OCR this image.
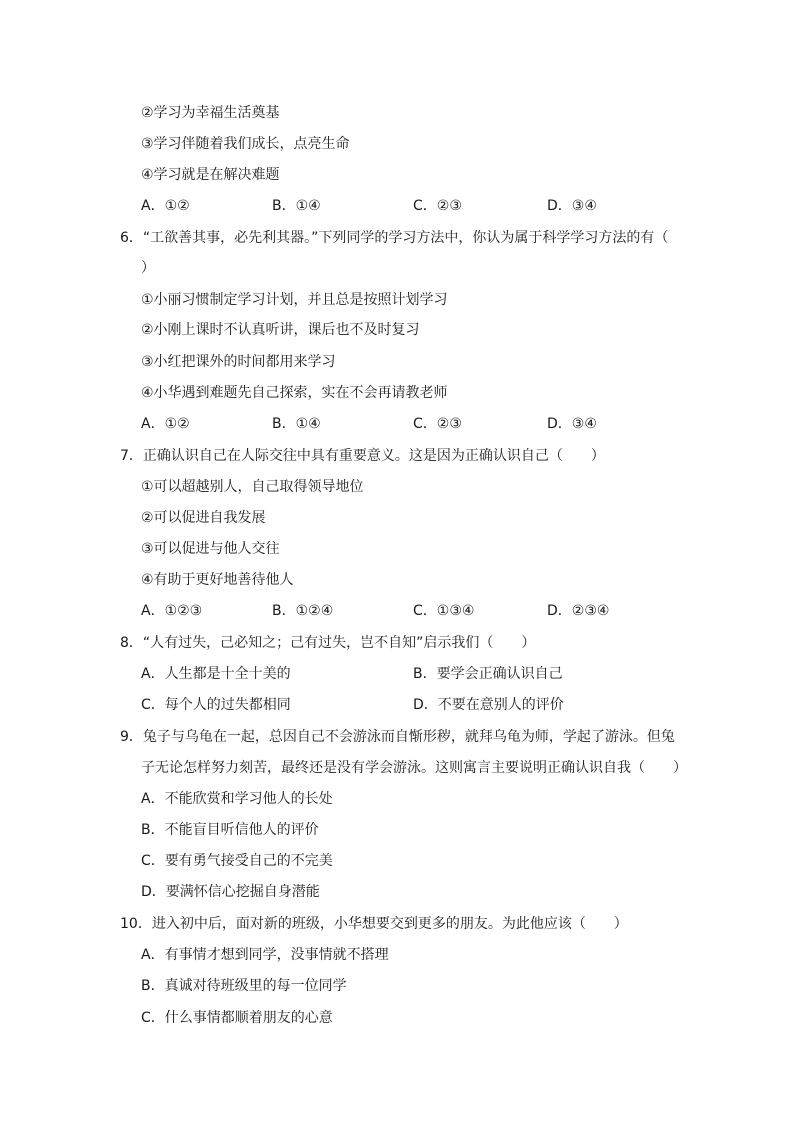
②学习为幸福生活奠基
③学习伴随着我们成长，点亮生命
④学习就是在解决难题
A．①②	B．①④	C．②③	D．③④
6．“工欲善其事，必先利其器。”下列同学的学习方法中，你认为属于科学学习方法的有（
）
①小丽习惯制定学习计划，并且总是按照计划学习
②小刚上课时不认真听讲，课后也不及时复习
③小红把课外的时间都用来学习
④小华遇到难题先自己探索，实在不会再请教老师
A．①②	B．①④	C．②③	D．③④
7．正确认识自己在人际交往中具有重要意义。这是因为正确认识自己（　　）
①可以超越别人，自己取得领导地位
②可以促进自我发展
③可以促进与他人交往
④有助于更好地善待他人
A．①②③	B．①②④	C．①③④	D．②③④
8．“人有过失，己必知之；己有过失，岂不自知”启示我们（　　）
A．人生都是十全十美的	B．要学会正确认识自己
C．每个人的过失都相同	D．不要在意别人的评价
9．兔子与乌龟在一起，总因自己不会游泳而自惭形秽，就拜乌龟为师，学起了游泳。但兔
子无论怎样努力刻苦，最终还是没有学会游泳。这则寓言主要说明正确认识自我（　　）
A．不能欣赏和学习他人的长处
B．不能盲目听信他人的评价
C．要有勇气接受自己的不完美
D．要满怀信心挖掘自身潜能
10．进入初中后，面对新的班级，小华想要交到更多的朋友。为此他应该（　　）
A．有事情才想到同学，没事情就不搭理
B．真诚对待班级里的每一位同学
C．什么事情都顺着朋友的心意
